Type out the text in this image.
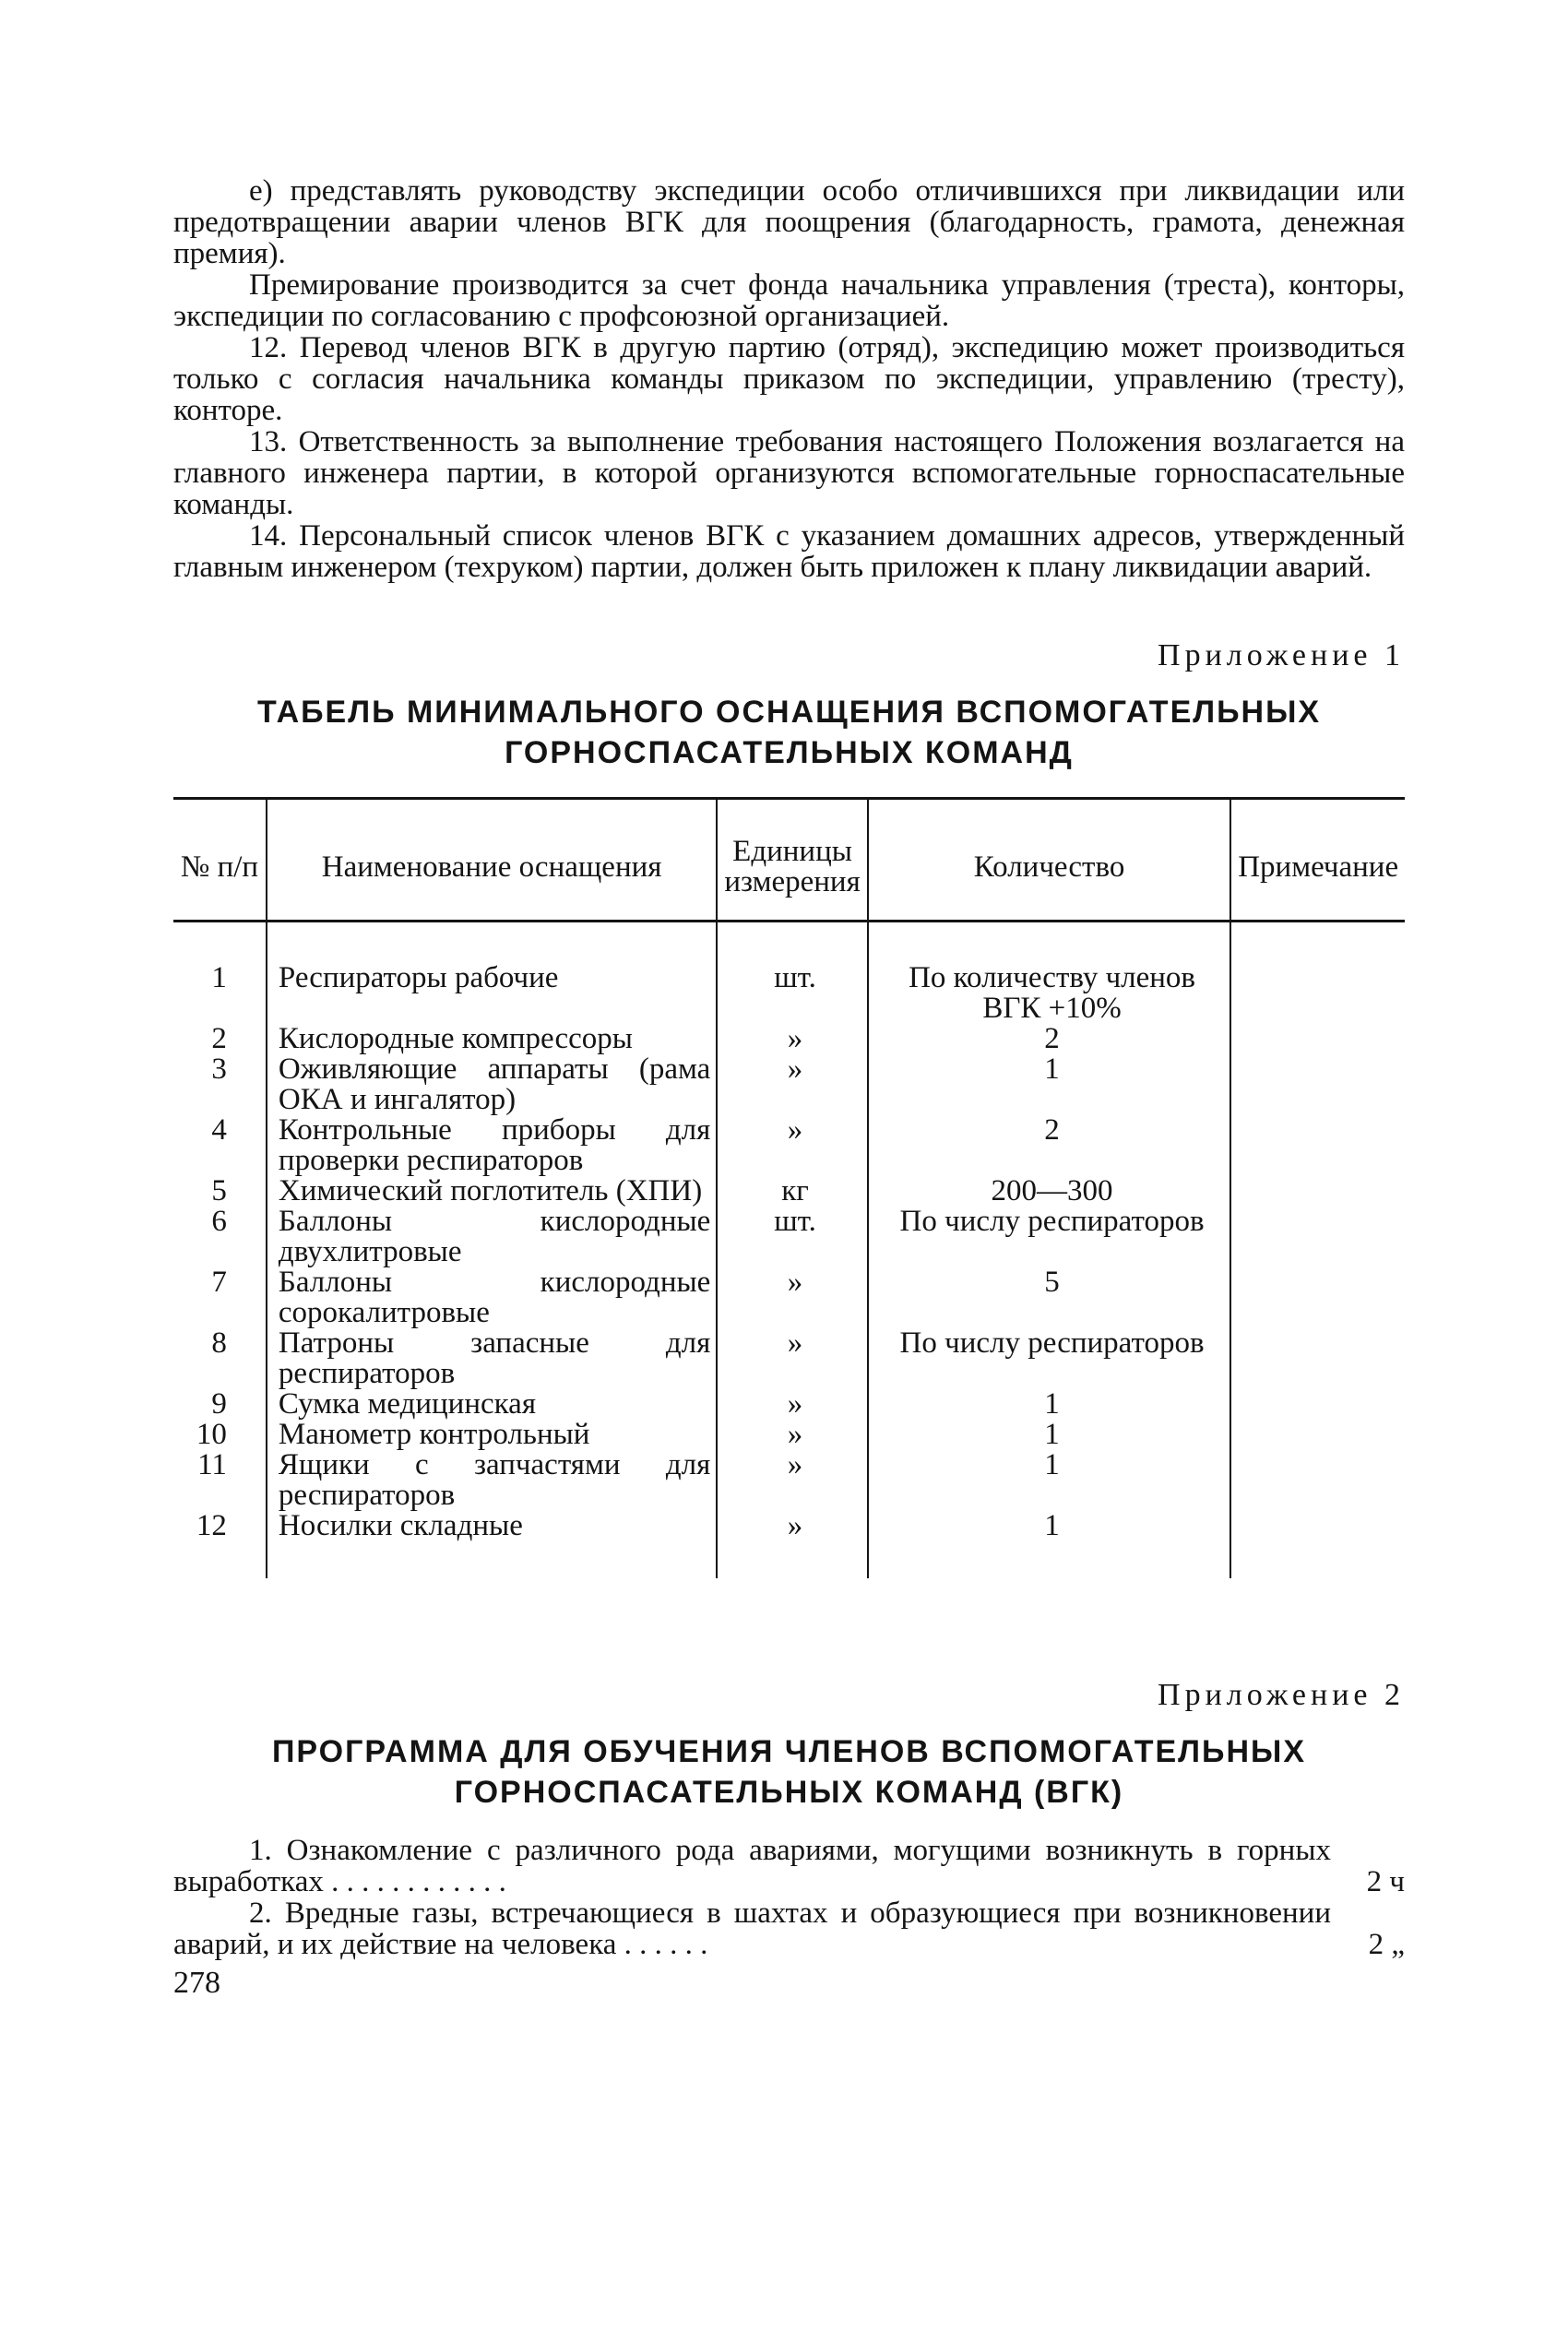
е) представлять руководству экспедиции особо отличившихся при ликвидации или предотвращении аварии членов ВГК для поощрения (благодарность, грамота, денежная премия).

Премирование производится за счет фонда начальника управления (треста), конторы, экспедиции по согласованию с профсоюзной организацией.

12. Перевод членов ВГК в другую партию (отряд), экспедицию может производиться только с согласия начальника команды приказом по экспедиции, управлению (тресту), конторе.

13. Ответственность за выполнение требования настоящего Положения возлагается на главного инженера партии, в которой организуются вспомогательные горноспасательные команды.

14. Персональный список членов ВГК с указанием домашних адресов, утвержденный главным инженером (техруком) партии, должен быть приложен к плану ликвидации аварий.

Приложение 1
ТАБЕЛЬ МИНИМАЛЬНОГО ОСНАЩЕНИЯ ВСПОМОГАТЕЛЬНЫХ
ГОРНОСПАСАТЕЛЬНЫХ КОМАНД
№ п/п	Наименование оснащения	Единицы измерения	Количество	Примечание
1	Респираторы рабочие	шт.	По количеству членов ВГК +10%	
2	Кислородные компрессоры	»	2	
3	Оживляющие аппараты (рама ОКА и ингалятор)	»	1	
4	Контрольные приборы для проверки респираторов	»	2	
5	Химический поглотитель (ХПИ)	кг	200—300	
6	Баллоны кислородные двухлитровые	шт.	По числу респираторов	
7	Баллоны кислородные сорокалитровые	»	5	
8	Патроны запасные для респираторов	»	По числу респираторов	
9	Сумка медицинская	»	1	
10	Манометр контрольный	»	1	
11	Ящики с запчастями для респираторов	»	1	
12	Носилки складные	»	1	
Приложение 2
ПРОГРАММА ДЛЯ ОБУЧЕНИЯ ЧЛЕНОВ ВСПОМОГАТЕЛЬНЫХ
ГОРНОСПАСАТЕЛЬНЫХ КОМАНД (ВГК)
1. Ознакомление с различного рода авариями, могущими возникнуть в горных выработках . . . . . . . . . . . .	2 ч
2. Вредные газы, встречающиеся в шахтах и образующиеся при возникновении аварий, и их действие на человека . . . . . .	2 „
278
